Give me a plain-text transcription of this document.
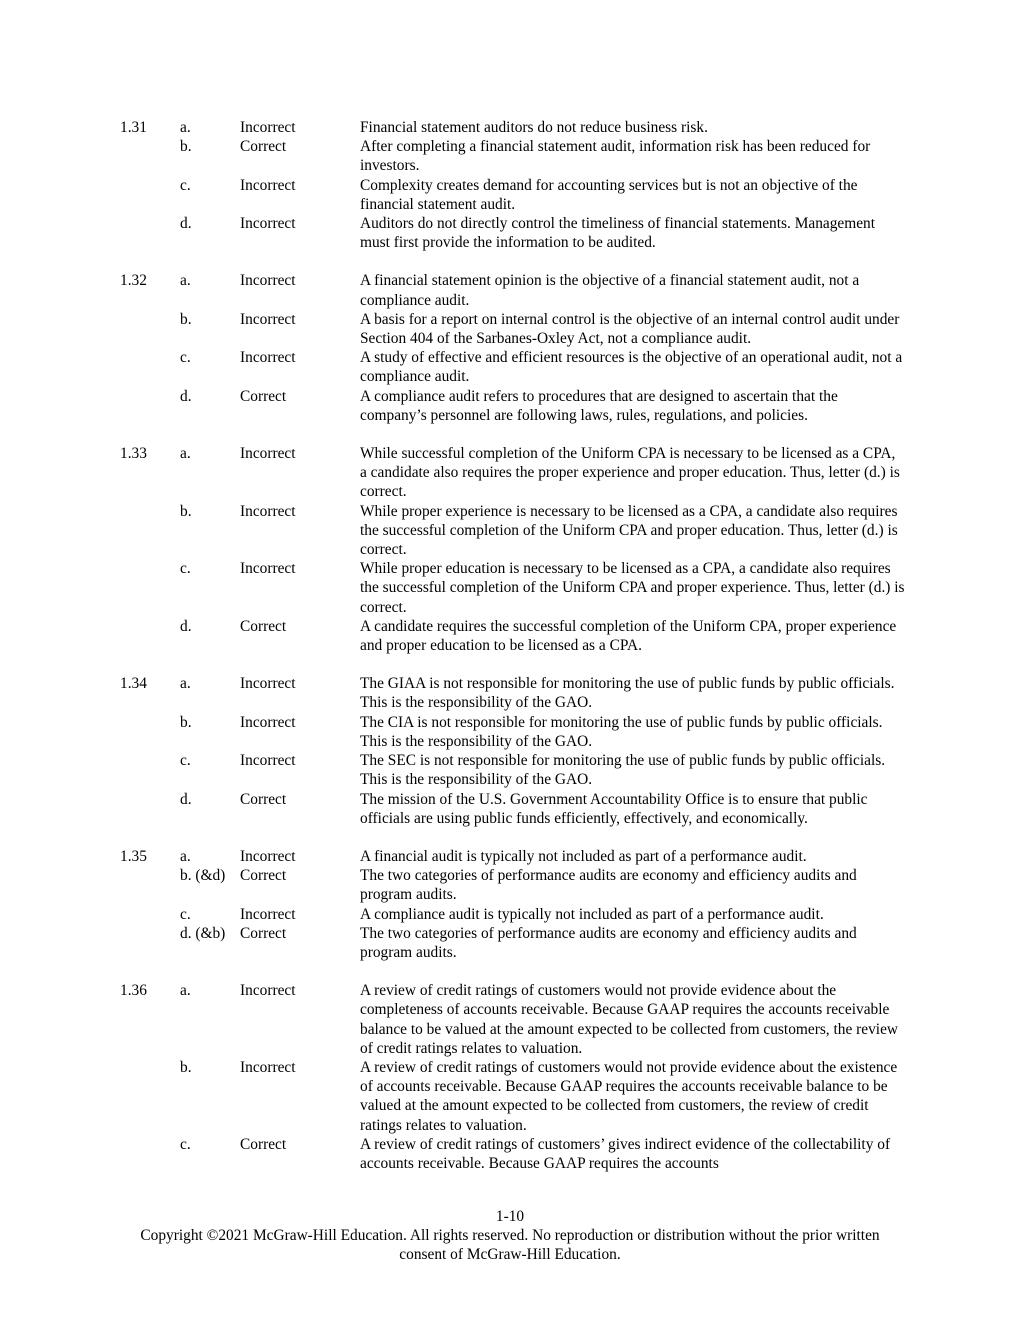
1.31 a.	Incorrect	Financial statement auditors do not reduce business risk.
b.	Correct	After completing a financial statement audit, information risk has been reduced for investors.
c.	Incorrect	Complexity creates demand for accounting services but is not an objective of the financial statement audit.
d.	Incorrect	Auditors do not directly control the timeliness of financial statements. Management must first provide the information to be audited.
1.32 a.	Incorrect	A financial statement opinion is the objective of a financial statement audit, not a compliance audit.
b.	Incorrect	A basis for a report on internal control is the objective of an internal control audit under Section 404 of the Sarbanes-Oxley Act, not a compliance audit.
c.	Incorrect	A study of effective and efficient resources is the objective of an operational audit, not a compliance audit.
d.	Correct	A compliance audit refers to procedures that are designed to ascertain that the company’s personnel are following laws, rules, regulations, and policies.
1.33 a.	Incorrect	While successful completion of the Uniform CPA is necessary to be licensed as a CPA, a candidate also requires the proper experience and proper education. Thus, letter (d.) is correct.
b.	Incorrect	While proper experience is necessary to be licensed as a CPA, a candidate also requires the successful completion of the Uniform CPA and proper education. Thus, letter (d.) is correct.
c.	Incorrect	While proper education is necessary to be licensed as a CPA, a candidate also requires the successful completion of the Uniform CPA and proper experience. Thus, letter (d.) is correct.
d.	Correct	A candidate requires the successful completion of the Uniform CPA, proper experience and proper education to be licensed as a CPA.
1.34 a.	Incorrect	The GIAA is not responsible for monitoring the use of public funds by public officials. This is the responsibility of the GAO.
b.	Incorrect	The CIA is not responsible for monitoring the use of public funds by public officials. This is the responsibility of the GAO.
c.	Incorrect	The SEC is not responsible for monitoring the use of public funds by public officials. This is the responsibility of the GAO.
d.	Correct	The mission of the U.S. Government Accountability Office is to ensure that public officials are using public funds efficiently, effectively, and economically.
1.35 a.	Incorrect	A financial audit is typically not included as part of a performance audit.
b. (&d) Correct	The two categories of performance audits are economy and efficiency audits and program audits.
c.	Incorrect	A compliance audit is typically not included as part of a performance audit.
d. (&b) Correct	The two categories of performance audits are economy and efficiency audits and program audits.
1.36 a.	Incorrect	A review of credit ratings of customers would not provide evidence about the completeness of accounts receivable. Because GAAP requires the accounts receivable balance to be valued at the amount expected to be collected from customers, the review of credit ratings relates to valuation.
b.	Incorrect	A review of credit ratings of customers would not provide evidence about the existence of accounts receivable. Because GAAP requires the accounts receivable balance to be valued at the amount expected to be collected from customers, the review of credit ratings relates to valuation.
c.	Correct	A review of credit ratings of customers’ gives indirect evidence of the collectability of accounts receivable. Because GAAP requires the accounts
1-10
Copyright ©2021 McGraw-Hill Education. All rights reserved. No reproduction or distribution without the prior written consent of McGraw-Hill Education.
